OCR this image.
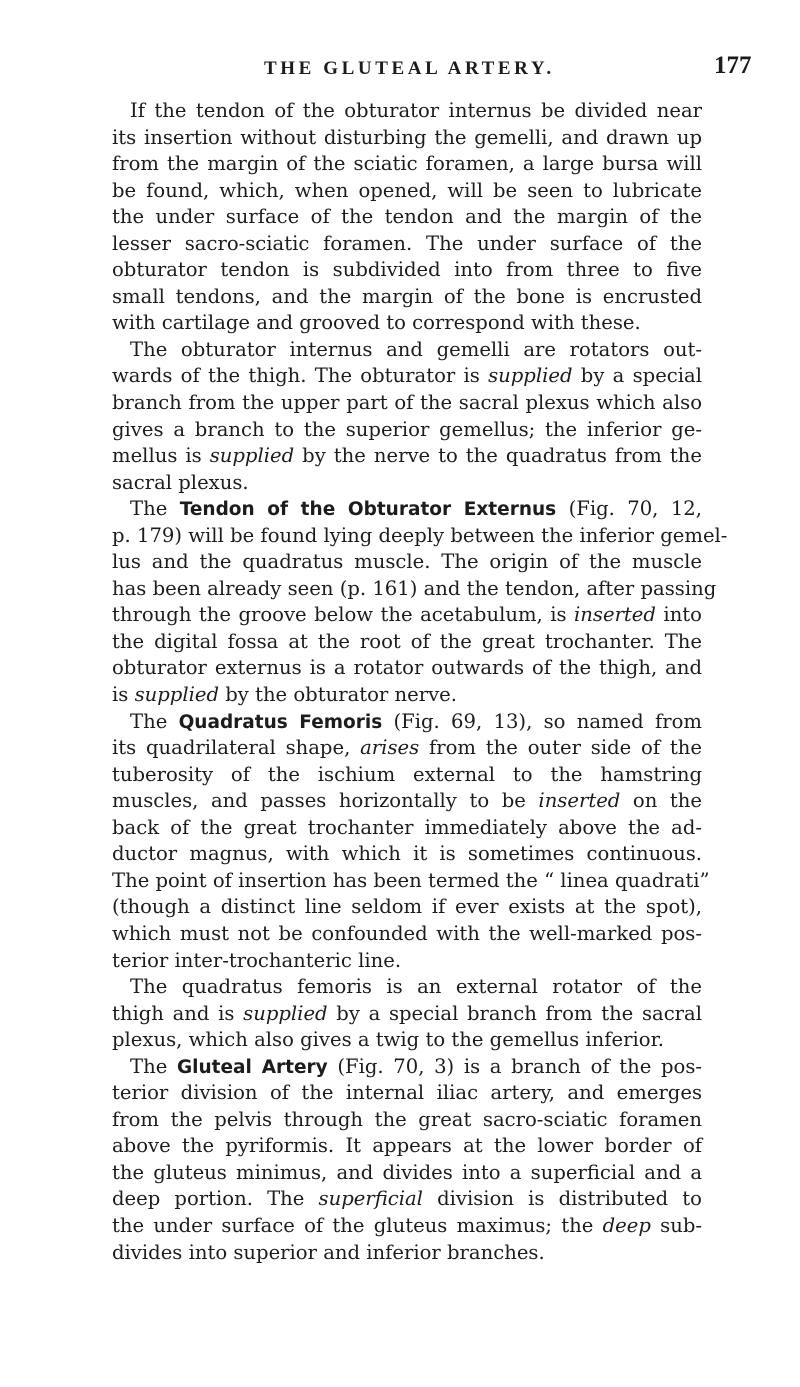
THE GLUTEAL ARTERY.	177
If the tendon of the obturator internus be divided near
its insertion without disturbing the gemelli, and drawn up
from the margin of the sciatic foramen, a large bursa will
be found, which, when opened, will be seen to lubricate
the under surface of the tendon and the margin of the
lesser sacro-sciatic foramen. The under surface of the
obturator tendon is subdivided into from three to five
small tendons, and the margin of the bone is encrusted
with cartilage and grooved to correspond with these.
The obturator internus and gemelli are rotators out-
wards of the thigh. The obturator is supplied by a special
branch from the upper part of the sacral plexus which also
gives a branch to the superior gemellus; the inferior ge-
mellus is supplied by the nerve to the quadratus from the
sacral plexus.
The Tendon of the Obturator Externus (Fig. 70, 12,
p. 179) will be found lying deeply between the inferior gemel-
lus and the quadratus muscle. The origin of the muscle
has been already seen (p. 161) and the tendon, after passing
through the groove below the acetabulum, is inserted into
the digital fossa at the root of the great trochanter. The
obturator externus is a rotator outwards of the thigh, and
is supplied by the obturator nerve.
The Quadratus Femoris (Fig. 69, 13), so named from
its quadrilateral shape, arises from the outer side of the
tuberosity of the ischium external to the hamstring
muscles, and passes horizontally to be inserted on the
back of the great trochanter immediately above the ad-
ductor magnus, with which it is sometimes continuous.
The point of insertion has been termed the “ linea quadrati”
(though a distinct line seldom if ever exists at the spot),
which must not be confounded with the well-marked pos-
terior inter-trochanteric line.
The quadratus femoris is an external rotator of the
thigh and is supplied by a special branch from the sacral
plexus, which also gives a twig to the gemellus inferior.
The Gluteal Artery (Fig. 70, 3) is a branch of the pos-
terior division of the internal iliac artery, and emerges
from the pelvis through the great sacro-sciatic foramen
above the pyriformis. It appears at the lower border of
the gluteus minimus, and divides into a superficial and a
deep portion. The superficial division is distributed to
the under surface of the gluteus maximus; the deep sub-
divides into superior and inferior branches.
